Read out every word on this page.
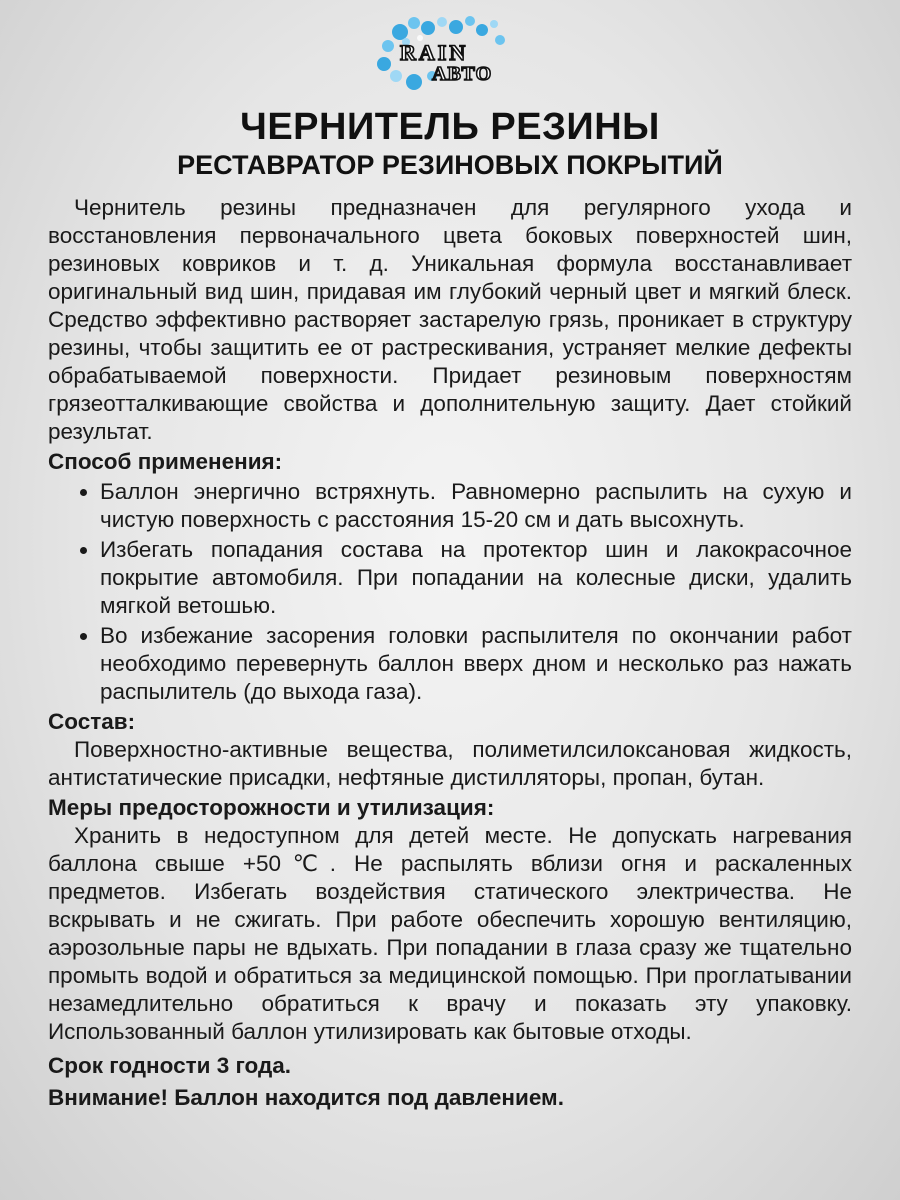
RAIN
АВТО
ЧЕРНИТЕЛЬ РЕЗИНЫ
РЕСТАВРАТОР РЕЗИНОВЫХ ПОКРЫТИЙ

Чернитель резины предназначен для регулярного ухода и восстановления первоначального цвета боковых поверхностей шин, резиновых ковриков и т. д. Уникальная формула восстанавливает оригинальный вид шин, придавая им глубокий черный цвет и мягкий блеск. Средство эффективно растворяет застарелую грязь, проникает в структуру резины, чтобы защитить ее от растрескивания, устраняет мелкие дефекты обрабатываемой поверхности. Придает резиновым поверхностям грязеотталкивающие свойства и дополнительную защиту. Дает стойкий результат.

Способ применения:
• Баллон энергично встряхнуть. Равномерно распылить на сухую и чистую поверхность с расстояния 15-20 см и дать высохнуть.
• Избегать попадания состава на протектор шин и лакокрасочное покрытие автомобиля. При попадании на колесные диски, удалить мягкой ветошью.
• Во избежание засорения головки распылителя по окончании работ необходимо перевернуть баллон вверх дном и несколько раз нажать распылитель (до выхода газа).
Состав:

Поверхностно-активные вещества, полиметилсилоксановая жидкость, антистатические присадки, нефтяные дистилляторы, пропан, бутан.

Меры предосторожности и утилизация:

Хранить в недоступном для детей месте. Не допускать нагревания баллона свыше +50℃. Не распылять вблизи огня и раскаленных предметов. Избегать воздействия статического электричества. Не вскрывать и не сжигать. При работе обеспечить хорошую вентиляцию, аэрозольные пары не вдыхать. При попадании в глаза сразу же тщательно промыть водой и обратиться за медицинской помощью. При проглатывании незамедлительно обратиться к врачу и показать эту упаковку. Использованный баллон утилизировать как бытовые отходы.

Срок годности 3 года.
Внимание! Баллон находится под давлением.
